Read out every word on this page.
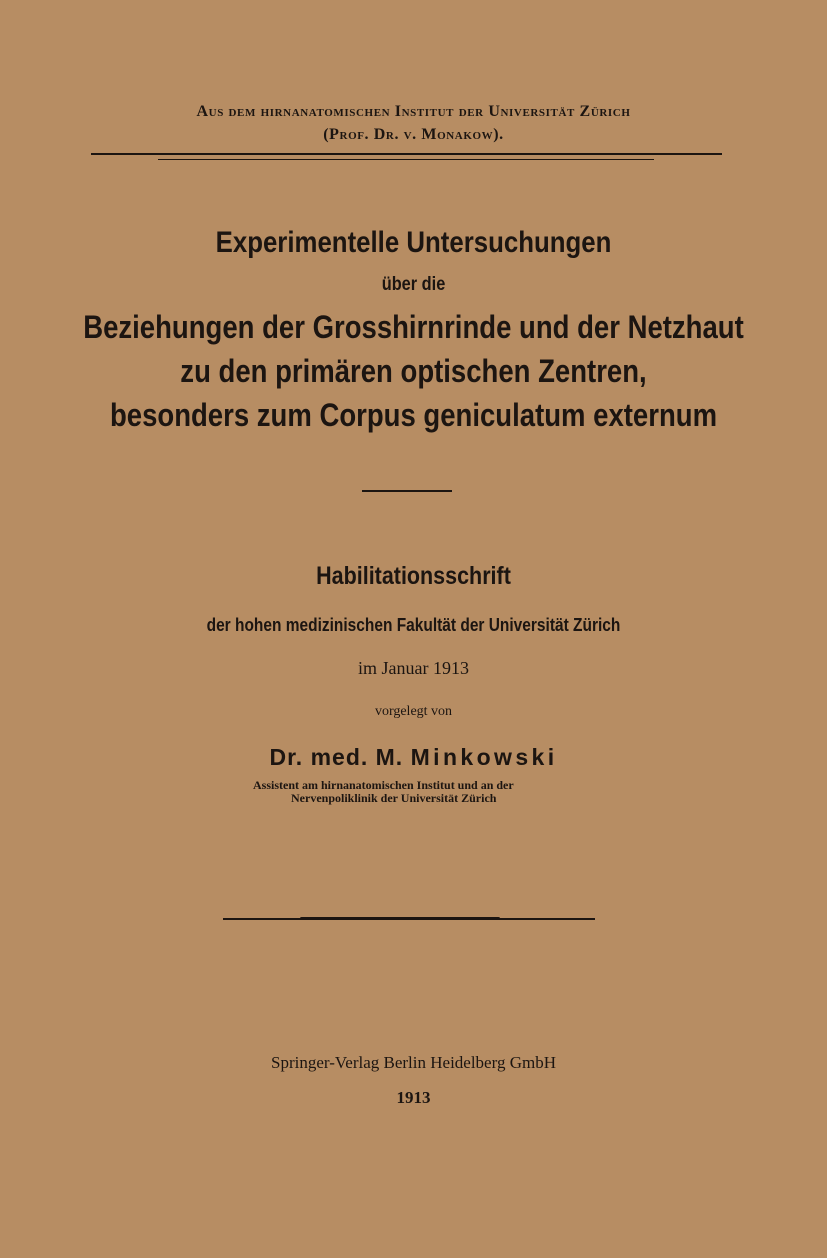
Aus dem hirnanatomischen Institut der Universität Zürich
(Prof. Dr. v. Monakow).
Experimentelle Untersuchungen
über die
Beziehungen der Grosshirnrinde und der Netzhaut
zu den primären optischen Zentren,
besonders zum Corpus geniculatum externum
Habilitationsschrift
der hohen medizinischen Fakultät der Universität Zürich
im Januar 1913
vorgelegt von
Dr. med. M. Minkowski
Assistent am hirnanatomischen Institut und an der
Nervenpoliklinik der Universität Zürich
Springer-Verlag Berlin Heidelberg GmbH
1913
